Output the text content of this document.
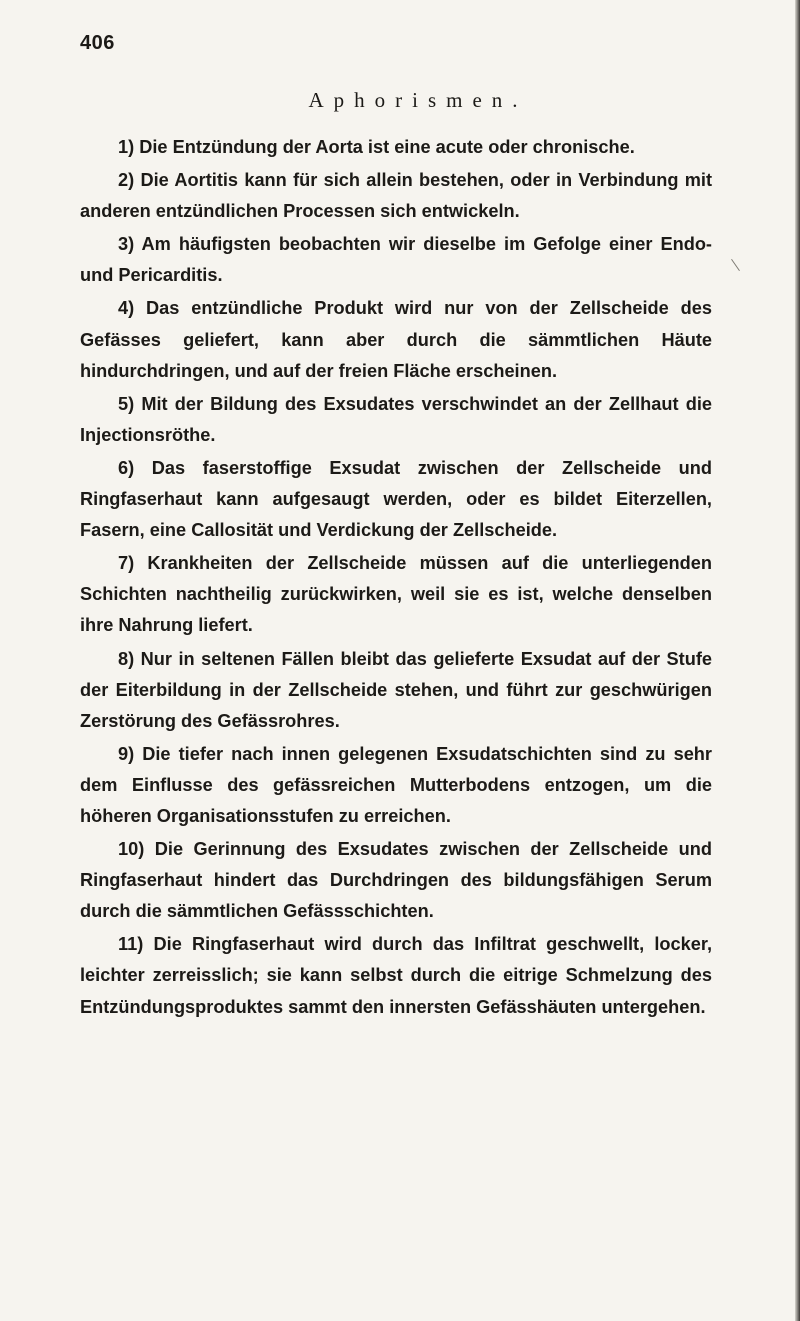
406
Aphorismen.

1) Die Entzündung der Aorta ist eine acute oder chronische.

2) Die Aortitis kann für sich allein bestehen, oder in Verbindung mit anderen entzündlichen Processen sich entwickeln.

3) Am häufigsten beobachten wir dieselbe im Gefolge einer Endo- und Pericarditis.

4) Das entzündliche Produkt wird nur von der Zellscheide des Gefässes geliefert, kann aber durch die sämmtlichen Häute hindurchdringen, und auf der freien Fläche erscheinen.

5) Mit der Bildung des Exsudates verschwindet an der Zellhaut die Injectionsröthe.

6) Das faserstoffige Exsudat zwischen der Zellscheide und Ringfaserhaut kann aufgesaugt werden, oder es bildet Eiterzellen, Fasern, eine Callosität und Verdickung der Zellscheide.

7) Krankheiten der Zellscheide müssen auf die unterliegenden Schichten nachtheilig zurückwirken, weil sie es ist, welche denselben ihre Nahrung liefert.

8) Nur in seltenen Fällen bleibt das gelieferte Exsudat auf der Stufe der Eiterbildung in der Zellscheide stehen, und führt zur geschwürigen Zerstörung des Gefässrohres.

9) Die tiefer nach innen gelegenen Exsudatschichten sind zu sehr dem Einflusse des gefässreichen Mutterbodens entzogen, um die höheren Organisationsstufen zu erreichen.

10) Die Gerinnung des Exsudates zwischen der Zellscheide und Ringfaserhaut hindert das Durchdringen des bildungsfähigen Serum durch die sämmtlichen Gefässschichten.

11) Die Ringfaserhaut wird durch das Infiltrat geschwellt, locker, leichter zerreisslich; sie kann selbst durch die eitrige Schmelzung des Entzündungsproduktes sammt den innersten Gefässhäuten untergehen.
